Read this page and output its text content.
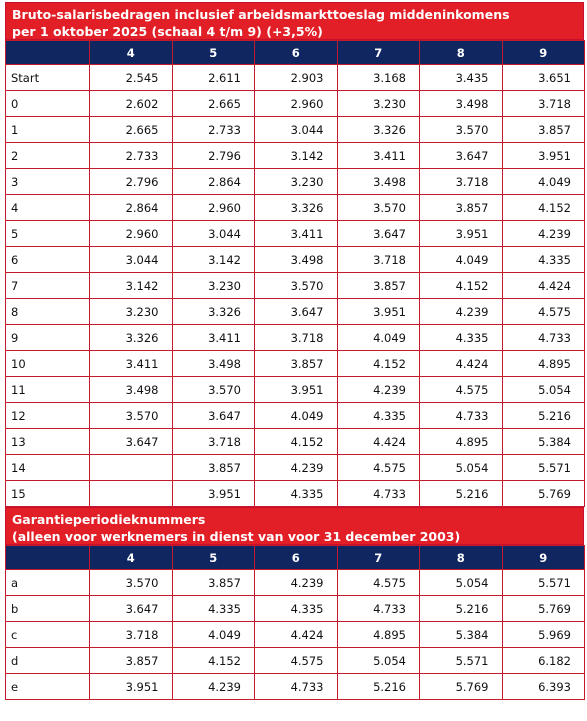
Bruto-salarisbedragen inclusief arbeidsmarkttoeslag middeninkomens
per 1 oktober 2025 (schaal 4 t/m 9) (+3,5%)
	4	5	6	7	8	9
Start	2.545	2.611	2.903	3.168	3.435	3.651
0	2.602	2.665	2.960	3.230	3.498	3.718
1	2.665	2.733	3.044	3.326	3.570	3.857
2	2.733	2.796	3.142	3.411	3.647	3.951
3	2.796	2.864	3.230	3.498	3.718	4.049
4	2.864	2.960	3.326	3.570	3.857	4.152
5	2.960	3.044	3.411	3.647	3.951	4.239
6	3.044	3.142	3.498	3.718	4.049	4.335
7	3.142	3.230	3.570	3.857	4.152	4.424
8	3.230	3.326	3.647	3.951	4.239	4.575
9	3.326	3.411	3.718	4.049	4.335	4.733
10	3.411	3.498	3.857	4.152	4.424	4.895
11	3.498	3.570	3.951	4.239	4.575	5.054
12	3.570	3.647	4.049	4.335	4.733	5.216
13	3.647	3.718	4.152	4.424	4.895	5.384
14		3.857	4.239	4.575	5.054	5.571
15		3.951	4.335	4.733	5.216	5.769
Garantieperiodieknummers
(alleen voor werknemers in dienst van voor 31 december 2003)
	4	5	6	7	8	9
a	3.570	3.857	4.239	4.575	5.054	5.571
b	3.647	4.335	4.335	4.733	5.216	5.769
c	3.718	4.049	4.424	4.895	5.384	5.969
d	3.857	4.152	4.575	5.054	5.571	6.182
e	3.951	4.239	4.733	5.216	5.769	6.393
